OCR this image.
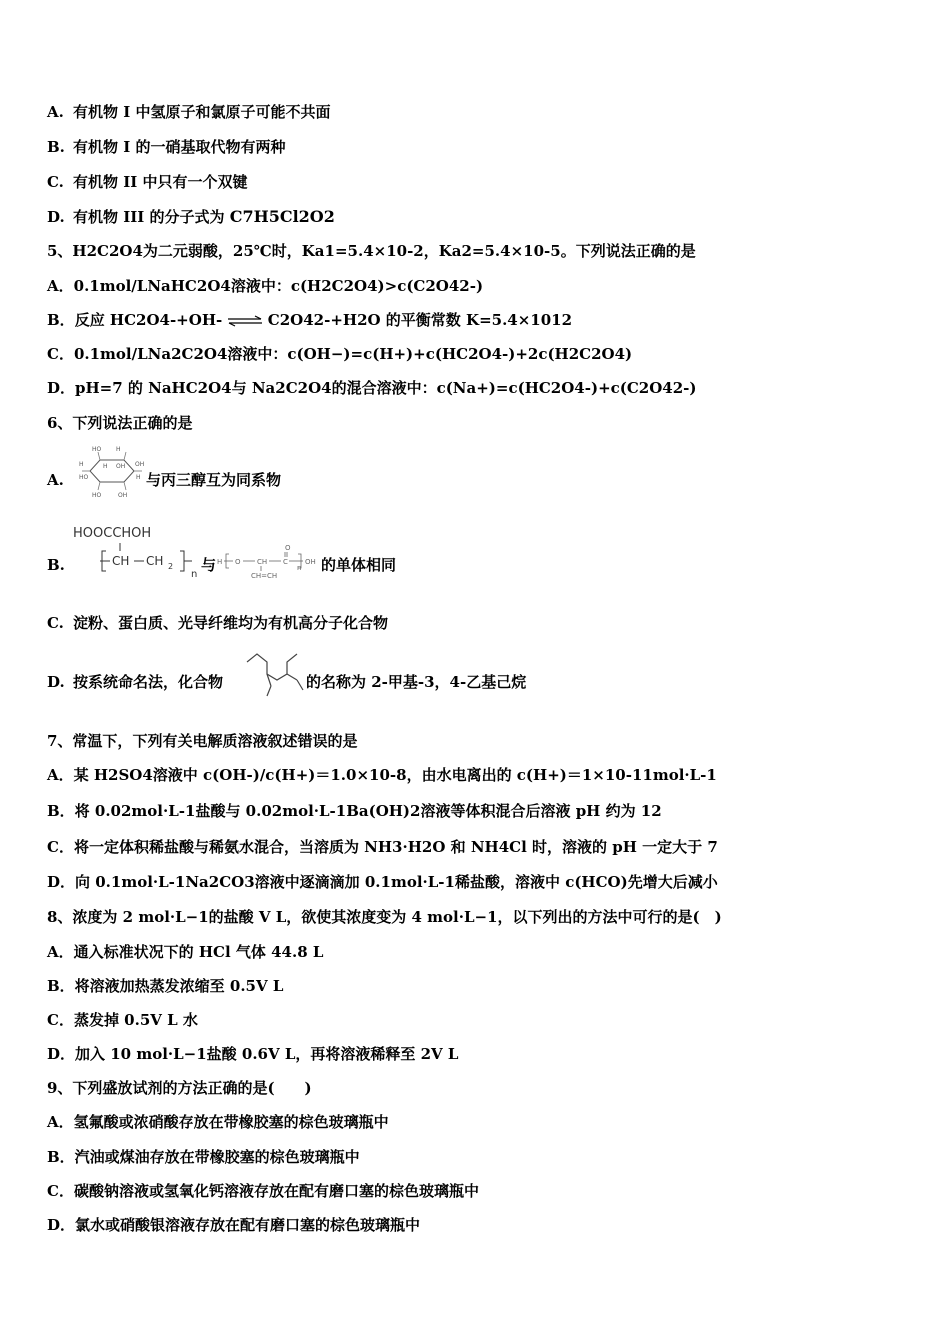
A. 有机物 I 中氢原子和氯原子可能不共面
B. 有机物 I 的一硝基取代物有两种
C. 有机物 II 中只有一个双键
D. 有机物 III 的分子式为 C7H5Cl2O2
5、H2C2O4为二元弱酸，25℃时，Ka1=5.4×10-2，Ka2=5.4×10-5。下列说法正确的是
A．0.1mol/LNaHC2O4溶液中：c(H2C2O4)>c(C2O42-)
B．反应 HC2O4-+OH- ⇌ C2O42-+H2O 的平衡常数 K=5.4×1012
C．0.1mol/LNa2C2O4溶液中：c(OH−)=c(H+)+c(HC2O4-)+2c(H2C2O4)
D．pH=7 的 NaHC2O4与 Na2C2O4的混合溶液中：c(Na+)=c(HC2O4-)+c(C2O42-)
6、下列说法正确的是
A.
HO H
H	OH
H OH
HO	H
HO	OH
与丙三醇互为同系物
B.
HOOCCHOH
CH CH 2
n
与 H O CH C
O
OH
CH=CH
n 的单体相同
C. 淀粉、蛋白质、光导纤维均为有机高分子化合物
D. 按系统命名法，化合物	的名称为 2-甲基-3，4-乙基己烷
7、常温下，下列有关电解质溶液叙述错误的是
A．某 H2SO4溶液中 c(OH-)/c(H+)＝1.0×10-8，由水电离出的 c(H+)＝1×10-11mol·L-1
B．将 0.02mol·L-1盐酸与 0.02mol·L-1Ba(OH)2溶液等体积混合后溶液 pH 约为 12
C．将一定体积稀盐酸与稀氨水混合，当溶质为 NH3·H2O 和 NH4Cl 时，溶液的 pH 一定大于 7
D．向 0.1mol·L-1Na2CO3溶液中逐滴滴加 0.1mol·L-1稀盐酸，溶液中 c(HCO)先增大后减小
8、浓度为 2 mol·L−1的盐酸 V L，欲使其浓度变为 4 mol·L−1，以下列出的方法中可行的是(　)
A．通入标准状况下的 HCl 气体 44.8 L
B．将溶液加热蒸发浓缩至 0.5V L
C．蒸发掉 0.5V L 水
D．加入 10 mol·L−1盐酸 0.6V L，再将溶液稀释至 2V L
9、下列盛放试剂的方法正确的是(　　)
A．氢氟酸或浓硝酸存放在带橡胶塞的棕色玻璃瓶中
B．汽油或煤油存放在带橡胶塞的棕色玻璃瓶中
C．碳酸钠溶液或氢氧化钙溶液存放在配有磨口塞的棕色玻璃瓶中
D．氯水或硝酸银溶液存放在配有磨口塞的棕色玻璃瓶中
